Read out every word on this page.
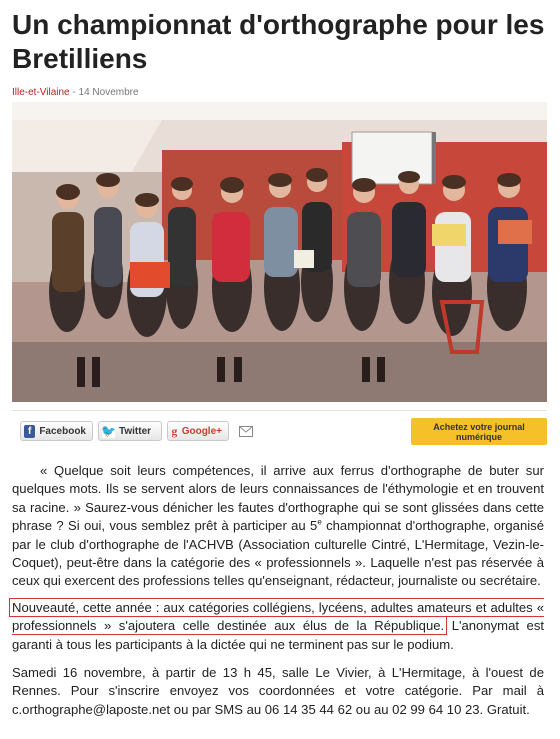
Un championnat d'orthographe pour les Bretilliens
Ille-et-Vilaine - 14 Novembre
f Facebook 🐦 Twitter g Google+	Achetez votre journal
numérique

« Quelque soit leurs compétences, il arrive aux ferrus d'orthographe de buter sur quelques mots. Ils se servent alors de leurs connaissances de l'éthymologie et en trouvent sa racine. » Saurez-vous dénicher les fautes d'orthographe qui se sont glissées dans cette phrase ? Si oui, vous semblez prêt à participer au 5e championnat d'orthographe, organisé par le club d'orthographe de l'ACHVB (Association culturelle Cintré, L'Hermitage, Vezin-le-Coquet), peut-être dans la catégorie des « professionnels ». Laquelle n'est pas réservée à ceux qui exercent des professions telles qu'enseignant, rédacteur, journaliste ou secrétaire.

Nouveauté, cette année : aux catégories collégiens, lycéens, adultes amateurs et adultes « professionnels » s'ajoutera celle destinée aux élus de la République. L'anonymat est garanti à tous les participants à la dictée qui ne terminent pas sur le podium.

Samedi 16 novembre, à partir de 13 h 45, salle Le Vivier, à L'Hermitage, à l'ouest de Rennes. Pour s'inscrire envoyez vos coordonnées et votre catégorie. Par mail à c.orthographe@laposte.net ou par SMS au 06 14 35 44 62 ou au 02 99 64 10 23. Gratuit.
